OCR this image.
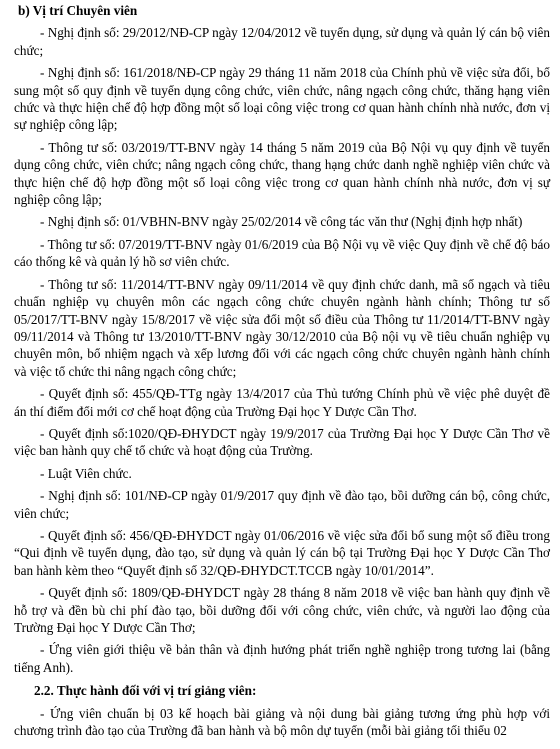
b) Vị trí Chuyên viên

- Nghị định số: 29/2012/NĐ-CP ngày 12/04/2012 về tuyển dụng, sử dụng và quản lý cán bộ viên chức;

- Nghị định số: 161/2018/NĐ-CP ngày 29 tháng 11 năm 2018 của Chính phủ về việc sửa đổi, bổ sung một số quy định về tuyển dụng công chức, viên chức, nâng ngạch công chức, thăng hạng viên chức và thực hiện chế độ hợp đồng một số loại công việc trong cơ quan hành chính nhà nước, đơn vị sự nghiệp công lập;

- Thông tư số: 03/2019/TT-BNV ngày 14 tháng 5 năm 2019 của Bộ Nội vụ quy định về tuyển dụng công chức, viên chức; nâng ngạch công chức, thang hạng chức danh nghề nghiệp viên chức và thực hiện chế độ hợp đồng một số loại công việc trong cơ quan hành chính nhà nước, đơn vị sự nghiệp công lập;

- Nghị định số: 01/VBHN-BNV ngày 25/02/2014 về công tác văn thư (Nghị định hợp nhất)

- Thông tư số: 07/2019/TT-BNV ngày 01/6/2019 của Bộ Nội vụ về việc Quy định về chế độ báo cáo thống kê và quản lý hồ sơ viên chức.

- Thông tư số: 11/2014/TT-BNV ngày 09/11/2014 về quy định chức danh, mã số ngạch và tiêu chuẩn nghiệp vụ chuyên môn các ngạch công chức chuyên ngành hành chính; Thông tư số 05/2017/TT-BNV ngày 15/8/2017 về việc sửa đổi một số điều của Thông tư 11/2014/TT-BNV ngày 09/11/2014 và Thông tư 13/2010/TT-BNV ngày 30/12/2010 của Bộ nội vụ về tiêu chuẩn nghiệp vụ chuyên môn, bổ nhiệm ngạch và xếp lương đối với các ngạch công chức chuyên ngành hành chính và việc tổ chức thi nâng ngạch công chức;

- Quyết định số: 455/QĐ-TTg ngày 13/4/2017 của Thủ tướng Chính phủ về việc phê duyệt đề án thí điểm đổi mới cơ chế hoạt động của Trường Đại học Y Dược Cần Thơ.

- Quyết định số:1020/QĐ-ĐHYDCT ngày 19/9/2017 của Trường Đại học Y Dược Cần Thơ về việc ban hành quy chế tổ chức và hoạt động của Trường.

- Luật Viên chức.

- Nghị định số: 101/NĐ-CP ngày 01/9/2017 quy định về đào tạo, bồi dưỡng cán bộ, công chức, viên chức;

- Quyết định số: 456/QĐ-ĐHYDCT ngày 01/06/2016 về việc sửa đổi bổ sung một số điều trong “Qui định về tuyển dụng, đào tạo, sử dụng và quản lý cán bộ tại Trường Đại học Y Dược Cần Thơ ban hành kèm theo “Quyết định số 32/QĐ-ĐHYDCT.TCCB ngày 10/01/2014”.

- Quyết định số: 1809/QĐ-ĐHYDCT ngày 28 tháng 8 năm 2018 về việc ban hành quy định về hỗ trợ và đền bù chi phí đào tạo, bồi dưỡng đối với công chức, viên chức, và người lao động của Trường Đại học Y Dược Cần Thơ;

- Ứng viên giới thiệu về bản thân và định hướng phát triển nghề nghiệp trong tương lai (bằng tiếng Anh).

2.2. Thực hành đối với vị trí giảng viên:

- Ứng viên chuẩn bị 03 kế hoạch bài giảng và nội dung bài giảng tương ứng phù hợp với chương trình đào tạo của Trường đã ban hành và bộ môn dự tuyển (mỗi bài giảng tối thiểu 02
